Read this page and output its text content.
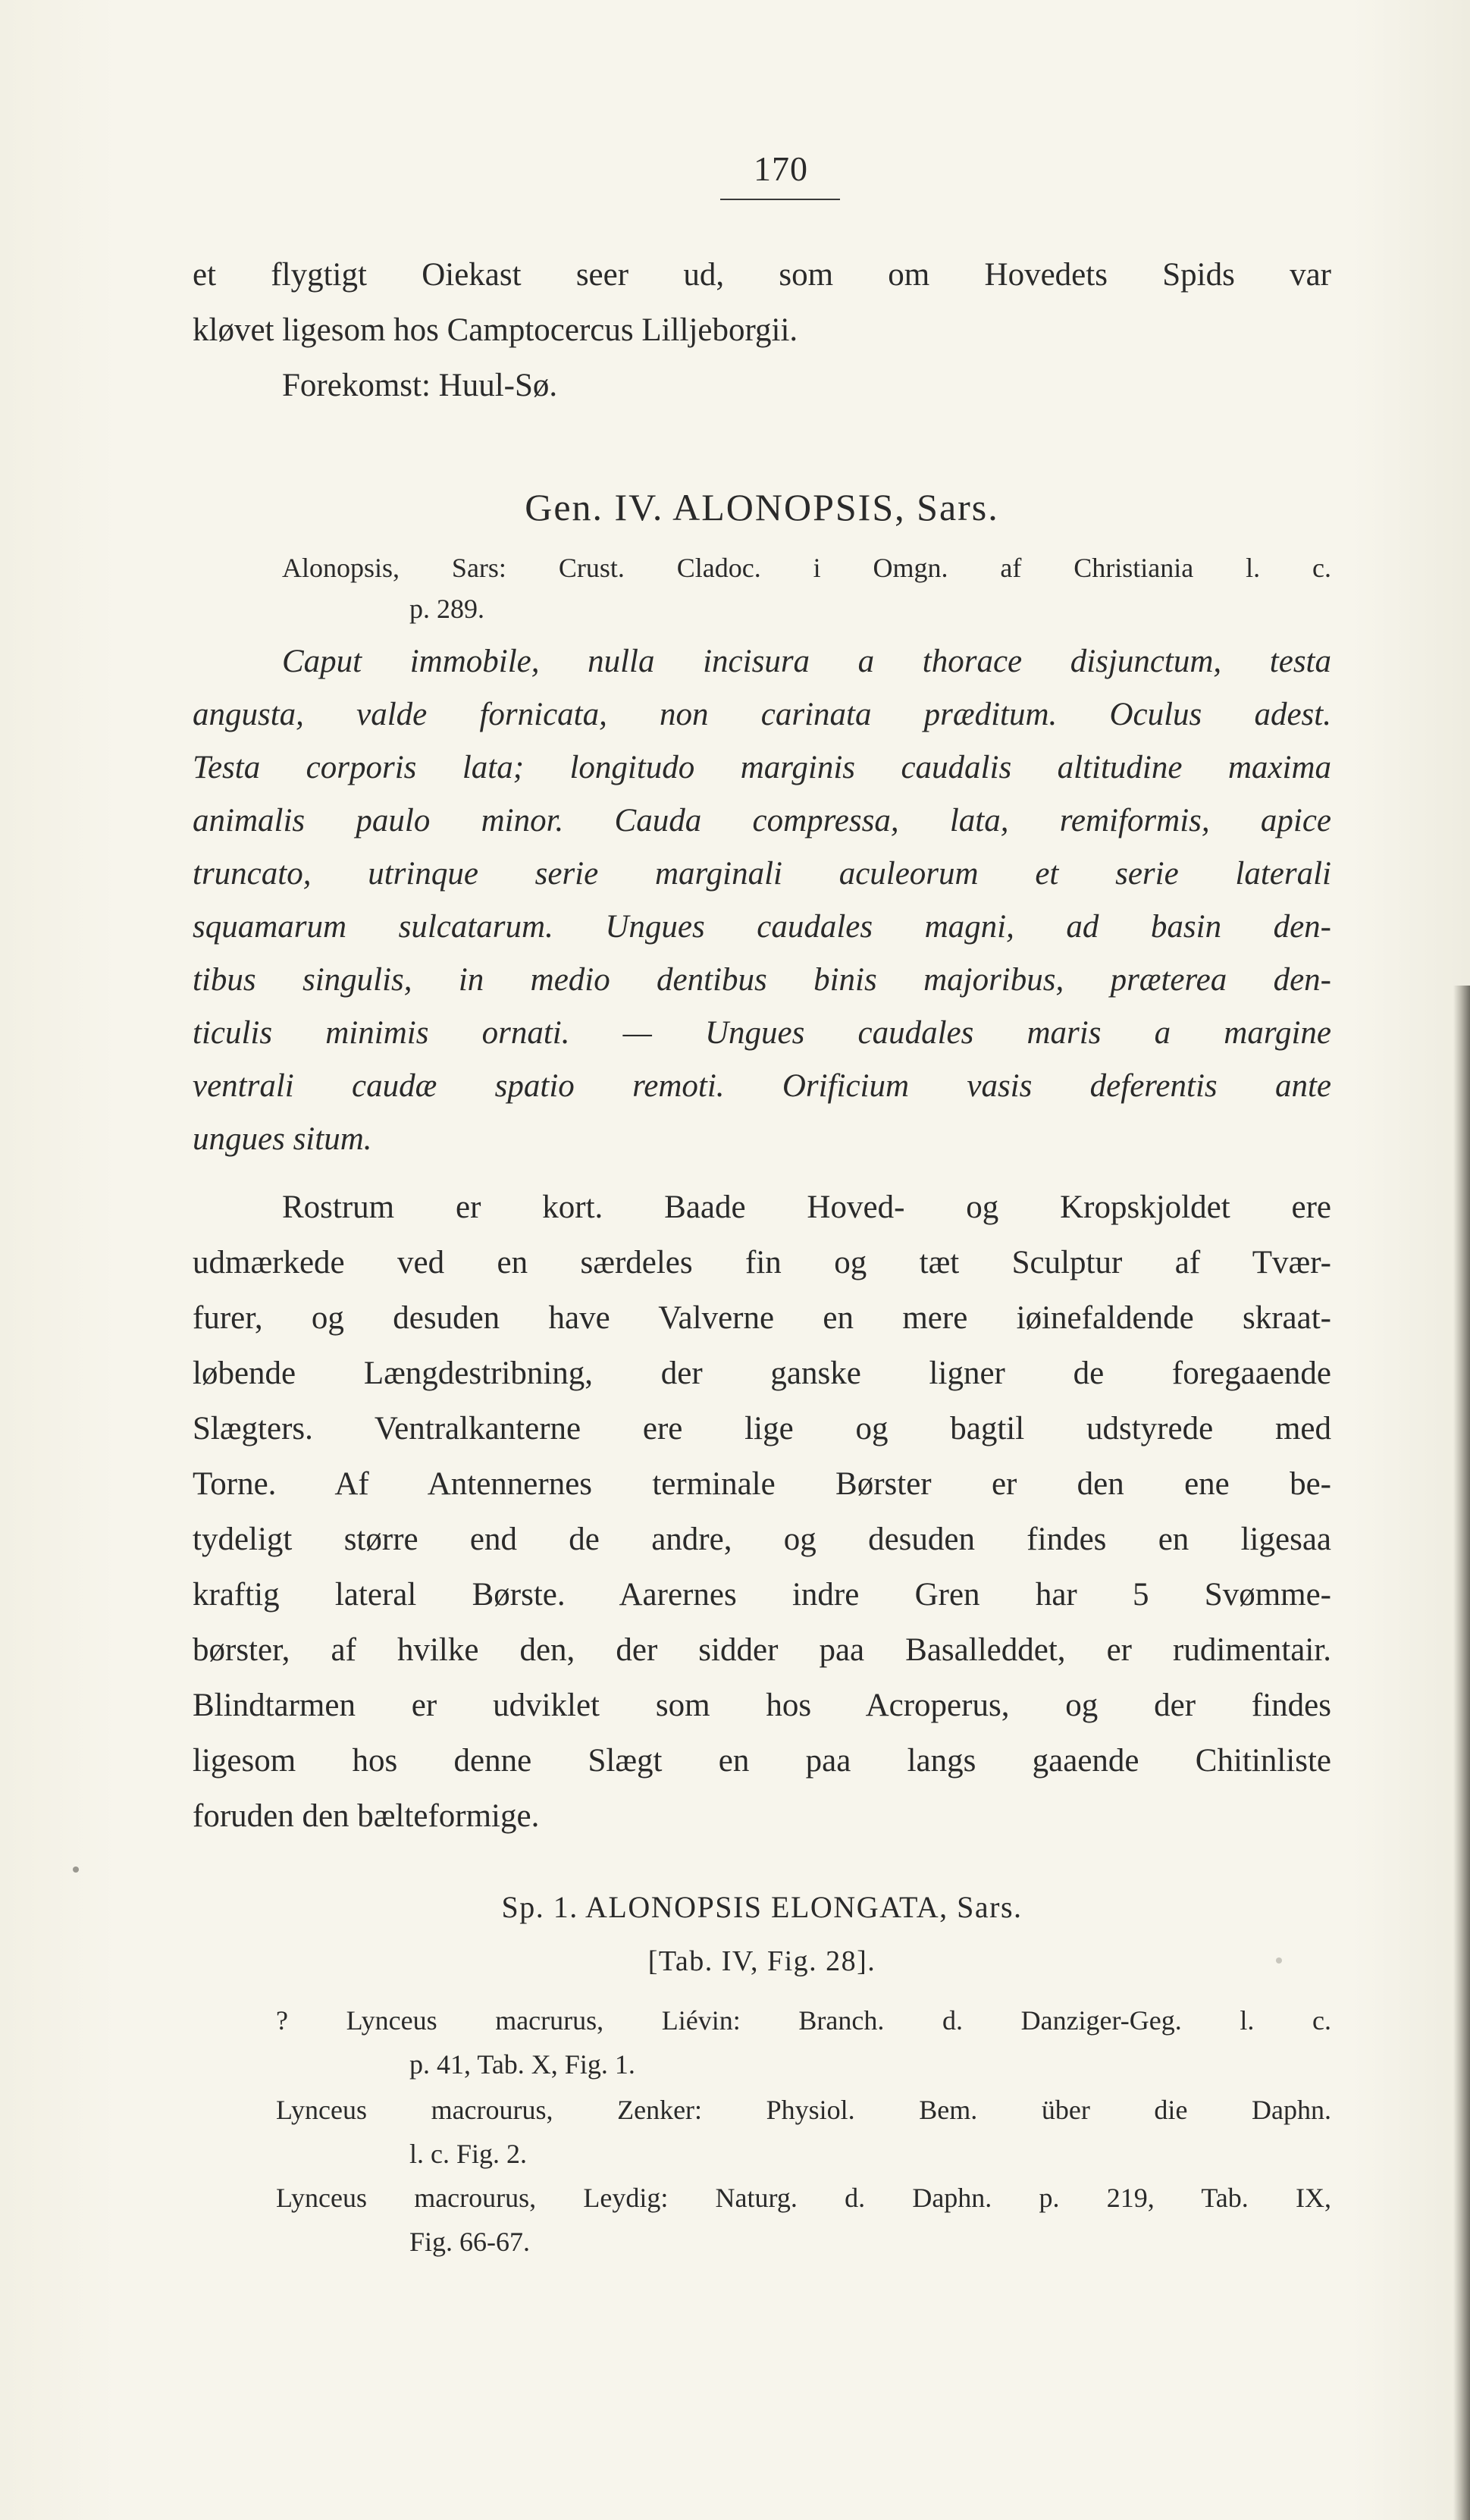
170
et flygtigt Oiekast seer ud, som om Hovedets Spids var
kløvet ligesom hos Camptocercus Lilljeborgii.
Forekomst: Huul-Sø.
Gen. IV. ALONOPSIS, Sars.
Alonopsis, Sars: Crust. Cladoc. i Omgn. af Christiania l. c.
p. 289.
Caput immobile, nulla incisura a thorace disjunctum, testa
angusta, valde fornicata, non carinata præditum. Oculus adest.
Testa corporis lata; longitudo marginis caudalis altitudine maxima
animalis paulo minor. Cauda compressa, lata, remiformis, apice
truncato, utrinque serie marginali aculeorum et serie laterali
squamarum sulcatarum. Ungues caudales magni, ad basin den-
tibus singulis, in medio dentibus binis majoribus, præterea den-
ticulis minimis ornati. — Ungues caudales maris a margine
ventrali caudæ spatio remoti. Orificium vasis deferentis ante
ungues situm.
Rostrum er kort. Baade Hoved- og Kropskjoldet ere
udmærkede ved en særdeles fin og tæt Sculptur af Tvær-
furer, og desuden have Valverne en mere iøinefaldende skraat-
løbende Længdestribning, der ganske ligner de foregaaende
Slægters. Ventralkanterne ere lige og bagtil udstyrede med
Torne. Af Antennernes terminale Børster er den ene be-
tydeligt større end de andre, og desuden findes en ligesaa
kraftig lateral Børste. Aarernes indre Gren har 5 Svømme-
børster, af hvilke den, der sidder paa Basalleddet, er rudimentair.
Blindtarmen er udviklet som hos Acroperus, og der findes
ligesom hos denne Slægt en paa langs gaaende Chitinliste
foruden den bælteformige.
Sp. 1. ALONOPSIS ELONGATA, Sars.
[Tab. IV, Fig. 28].
? Lynceus macrurus, Liévin: Branch. d. Danziger-Geg. l. c.
p. 41, Tab. X, Fig. 1.
Lynceus macrourus, Zenker: Physiol. Bem. über die Daphn.
l. c. Fig. 2.
Lynceus macrourus, Leydig: Naturg. d. Daphn. p. 219, Tab. IX,
Fig. 66-67.
